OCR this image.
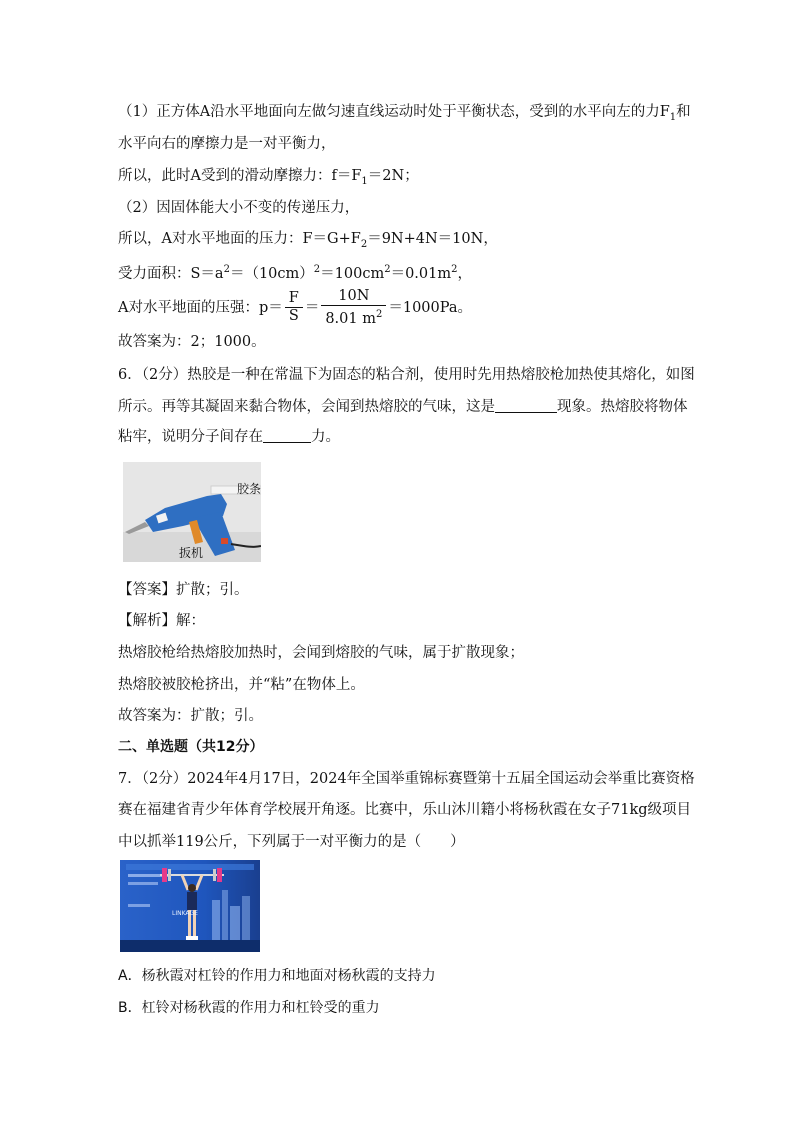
（1）正方体A沿水平地面向左做匀速直线运动时处于平衡状态，受到的水平向左的力$F_1$和
水平向右的摩擦力是一对平衡力，
所以，此时A受到的滑动摩擦力：$f=F_1=2N$；
（2）因固体能大小不变的传递压力，
所以，A对水平地面的压力：$F=G+F_2=9N+4N=10N$，
受力面积：$S=a^2=(10cm)^2=100cm^2=0.01m^2$，
A对水平地面的压强：$p= \frac{F}{S} = \frac{10N}{8.01 m^2} =1000Pa$。
故答案为：2；1000。
6．（2分）热胶是一种在常温下为固态的粘合剂，使用时先用热熔胶枪加热使其熔化，如图
所示。再等其凝固来黏合物体，会闻到热熔胶的气味，这是	现象。热熔胶将物体
粘牢，说明分子间存在	力。
胶条
扳机
【答案】扩散；引。
【解析】解：
热熔胶枪给热熔胶加热时，会闻到熔胶的气味，属于扩散现象；
热熔胶被胶枪挤出，并“粘”在物体上。
故答案为：扩散；引。
二、单选题（共12分）
7．（2分）2024年4月17日，2024年全国举重锦标赛暨第十五届全国运动会举重比赛资格
赛在福建省青少年体育学校展开角逐。比赛中，乐山沐川籍小将杨秋霞在女子71kg级项目
中以抓举119公斤，下列属于一对平衡力的是（　　）
LINKAGE
A．杨秋霞对杠铃的作用力和地面对杨秋霞的支持力
B．杠铃对杨秋霞的作用力和杠铃受的重力
